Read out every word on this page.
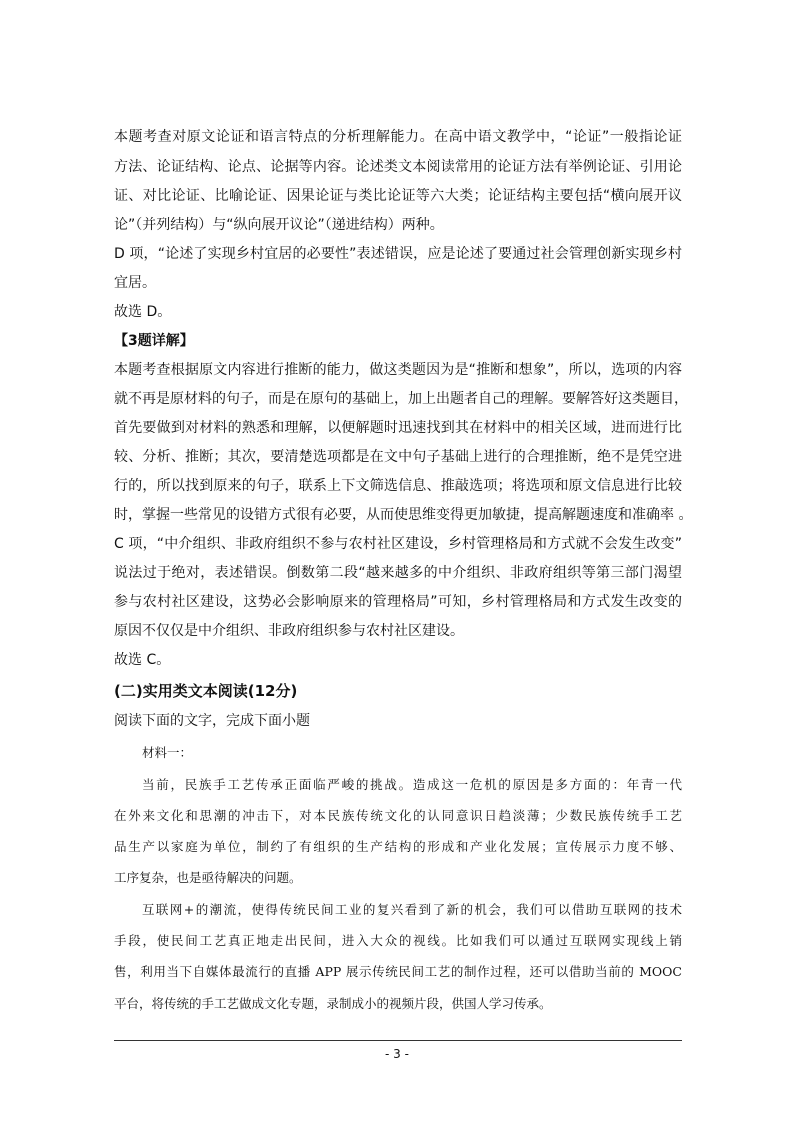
本题考查对原文论证和语言特点的分析理解能力。在高中语文教学中，“论证”一般指论证
方法、论证结构、论点、论据等内容。论述类文本阅读常用的论证方法有举例论证、引用论
证、对比论证、比喻论证、因果论证与类比论证等六大类；论证结构主要包括“横向展开议
论”（并列结构）与“纵向展开议论”（递进结构）两种。
D 项，“论述了实现乡村宜居的必要性”表述错误，应是论述了要通过社会管理创新实现乡村
宜居。
故选 D。
【3题详解】
本题考查根据原文内容进行推断的能力，做这类题因为是“推断和想象”，所以，选项的内容
就不再是原材料的句子，而是在原句的基础上，加上出题者自己的理解。要解答好这类题目，
首先要做到对材料的熟悉和理解，以便解题时迅速找到其在材料中的相关区域，进而进行比
较、分析、推断；其次，要清楚选项都是在文中句子基础上进行的合理推断，绝不是凭空进
行的，所以找到原来的句子，联系上下文筛选信息、推敲选项；将选项和原文信息进行比较
时，掌握一些常见的设错方式很有必要，从而使思维变得更加敏捷，提高解题速度和准确率 。
C 项，“中介组织、非政府组织不参与农村社区建设，乡村管理格局和方式就不会发生改变”
说法过于绝对，表述错误。倒数第二段“越来越多的中介组织、非政府组织等第三部门渴望
参与农村社区建设，这势必会影响原来的管理格局”可知，乡村管理格局和方式发生改变的
原因不仅仅是中介组织、非政府组织参与农村社区建设。
故选 C。
(二)实用类文本阅读(12分)
阅读下面的文字，完成下面小题
材料一：
当前，民族手工艺传承正面临严峻的挑战。造成这一危机的原因是多方面的：年青一代
在外来文化和思潮的冲击下，对本民族传统文化的认同意识日趋淡薄；少数民族传统手工艺
品生产以家庭为单位，制约了有组织的生产结构的形成和产业化发展；宣传展示力度不够、
工序复杂，也是亟待解决的问题。
互联网+的潮流，使得传统民间工业的复兴看到了新的机会，我们可以借助互联网的技术
手段，使民间工艺真正地走出民间，进入大众的视线。比如我们可以通过互联网实现线上销
售，利用当下自媒体最流行的直播 APP 展示传统民间工艺的制作过程，还可以借助当前的 MOOC
平台，将传统的手工艺做成文化专题，录制成小的视频片段，供国人学习传承。
- 3 -
